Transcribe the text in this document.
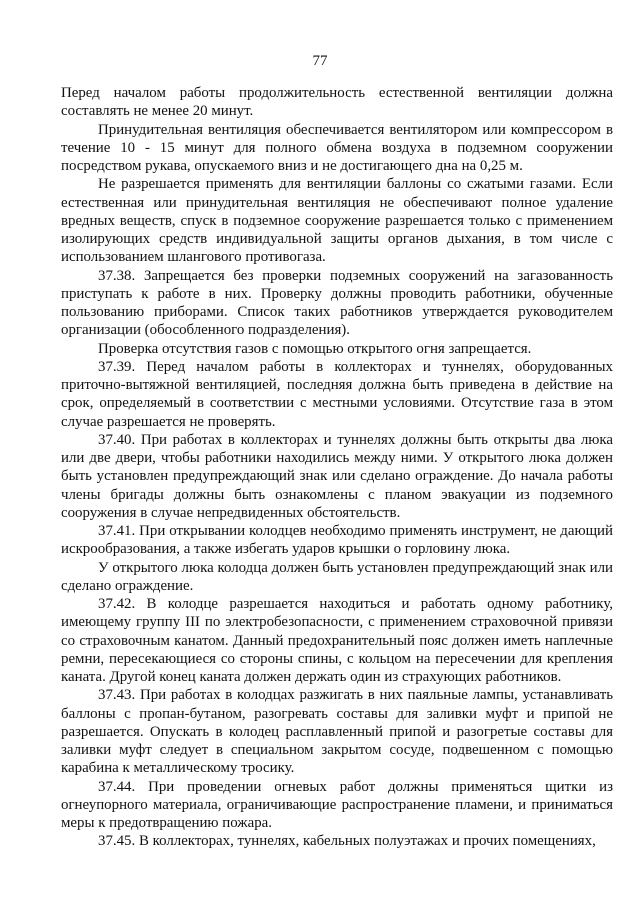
77

Перед началом работы продолжительность естественной вентиляции должна составлять не менее 20 минут.

Принудительная вентиляция обеспечивается вентилятором или компрессором в течение 10 - 15 минут для полного обмена воздуха в подземном сооружении посредством рукава, опускаемого вниз и не достигающего дна на 0,25 м.

Не разрешается применять для вентиляции баллоны со сжатыми газами. Если естественная или принудительная вентиляция не обеспечивают полное удаление вредных веществ, спуск в подземное сооружение разрешается только с применением изолирующих средств индивидуальной защиты органов дыхания, в том числе с использованием шлангового противогаза.

37.38. Запрещается без проверки подземных сооружений на загазованность приступать к работе в них. Проверку должны проводить работники, обученные пользованию приборами. Список таких работников утверждается руководителем организации (обособленного подразделения).

Проверка отсутствия газов с помощью открытого огня запрещается.

37.39. Перед началом работы в коллекторах и туннелях, оборудованных приточно-вытяжной вентиляцией, последняя должна быть приведена в действие на срок, определяемый в соответствии с местными условиями. Отсутствие газа в этом случае разрешается не проверять.

37.40. При работах в коллекторах и туннелях должны быть открыты два люка или две двери, чтобы работники находились между ними. У открытого люка должен быть установлен предупреждающий знак или сделано ограждение. До начала работы члены бригады должны быть ознакомлены с планом эвакуации из подземного сооружения в случае непредвиденных обстоятельств.

37.41. При открывании колодцев необходимо применять инструмент, не дающий искрообразования, а также избегать ударов крышки о горловину люка.

У открытого люка колодца должен быть установлен предупреждающий знак или сделано ограждение.

37.42. В колодце разрешается находиться и работать одному работнику, имеющему группу III по электробезопасности, с применением страховочной привязи со страховочным канатом. Данный предохранительный пояс должен иметь наплечные ремни, пересекающиеся со стороны спины, с кольцом на пересечении для крепления каната. Другой конец каната должен держать один из страхующих работников.

37.43. При работах в колодцах разжигать в них паяльные лампы, устанавливать баллоны с пропан-бутаном, разогревать составы для заливки муфт и припой не разрешается. Опускать в колодец расплавленный припой и разогретые составы для заливки муфт следует в специальном закрытом сосуде, подвешенном с помощью карабина к металлическому тросику.

37.44. При проведении огневых работ должны применяться щитки из огнеупорного материала, ограничивающие распространение пламени, и приниматься меры к предотвращению пожара.

37.45. В коллекторах, туннелях, кабельных полуэтажах и прочих помещениях,
